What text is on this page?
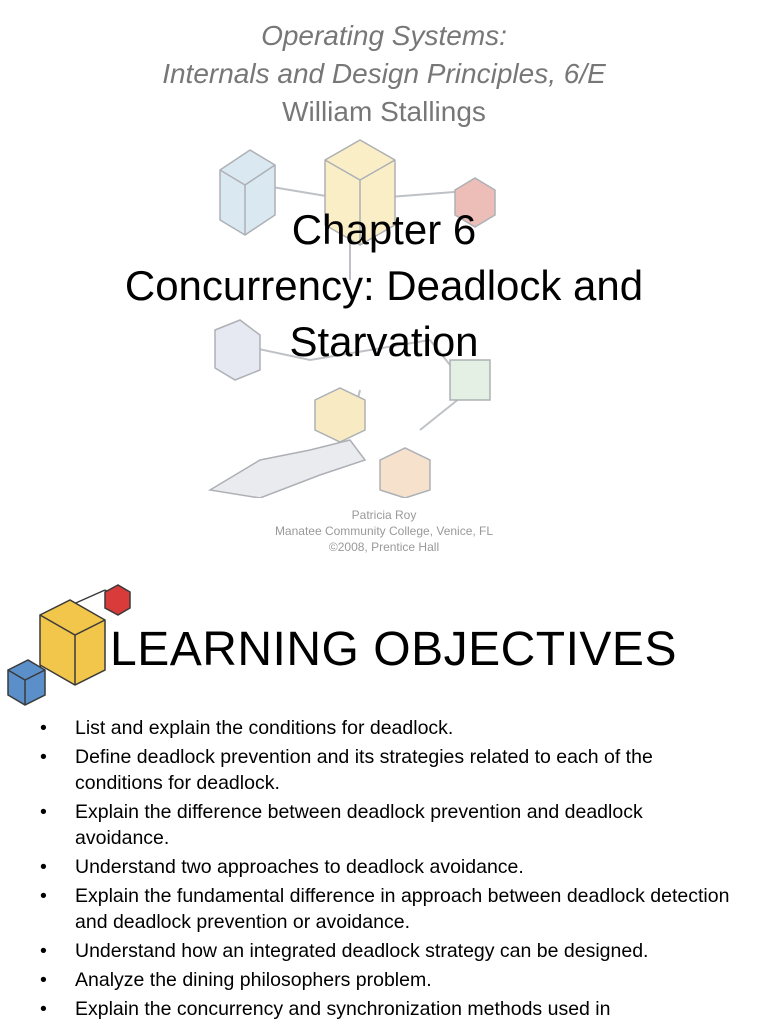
Operating Systems:
Internals and Design Principles, 6/E
William Stallings
Chapter 6
Concurrency: Deadlock and
Starvation
Patricia Roy
Manatee Community College, Venice, FL
©2008, Prentice Hall
LEARNING OBJECTIVES
• List and explain the conditions for deadlock.
• Define deadlock prevention and its strategies related to each of the conditions for deadlock.
• Explain the difference between deadlock prevention and deadlock avoidance.
• Understand two approaches to deadlock avoidance.
• Explain the fundamental difference in approach between deadlock detection and deadlock prevention or avoidance.
• Understand how an integrated deadlock strategy can be designed.
• Analyze the dining philosophers problem.
• Explain the concurrency and synchronization methods used in
